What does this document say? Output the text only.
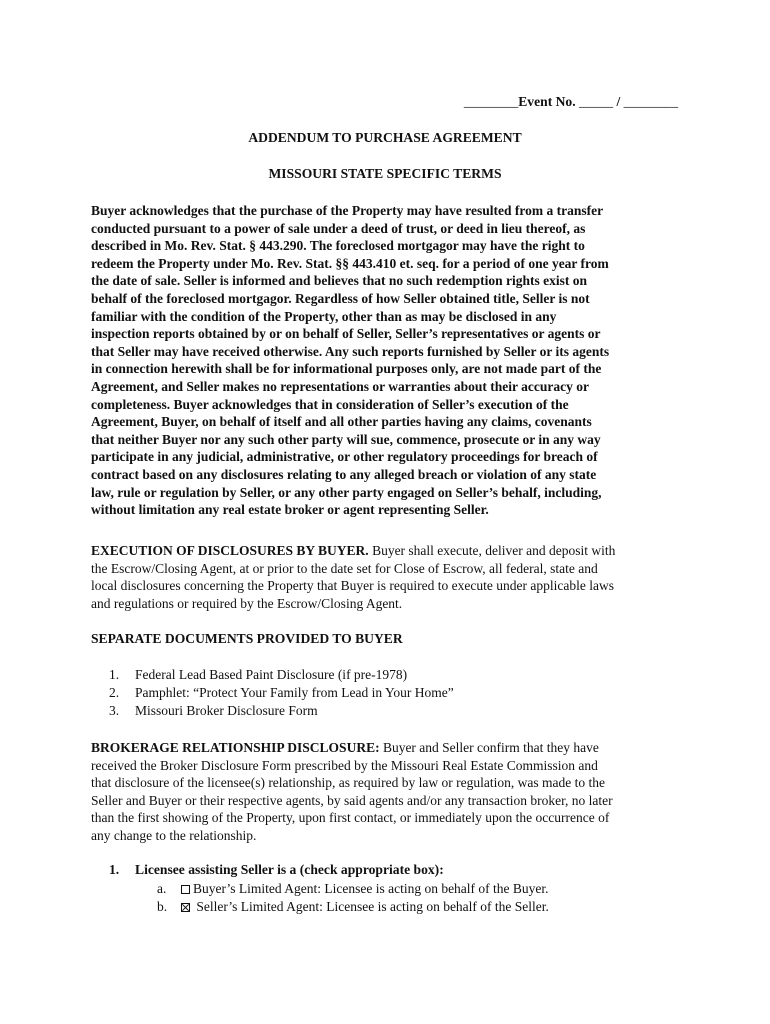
________Event No. _____ / ________
ADDENDUM TO PURCHASE AGREEMENT
MISSOURI STATE SPECIFIC TERMS
Buyer acknowledges that the purchase of the Property may have resulted from a transfer
conducted pursuant to a power of sale under a deed of trust, or deed in lieu thereof, as
described in Mo. Rev. Stat. § 443.290. The foreclosed mortgagor may have the right to
redeem the Property under Mo. Rev. Stat. §§ 443.410 et. seq. for a period of one year from
the date of sale. Seller is informed and believes that no such redemption rights exist on
behalf of the foreclosed mortgagor. Regardless of how Seller obtained title, Seller is not
familiar with the condition of the Property, other than as may be disclosed in any
inspection reports obtained by or on behalf of Seller, Seller’s representatives or agents or
that Seller may have received otherwise. Any such reports furnished by Seller or its agents
in connection herewith shall be for informational purposes only, are not made part of the
Agreement, and Seller makes no representations or warranties about their accuracy or
completeness. Buyer acknowledges that in consideration of Seller’s execution of the
Agreement, Buyer, on behalf of itself and all other parties having any claims, covenants
that neither Buyer nor any such other party will sue, commence, prosecute or in any way
participate in any judicial, administrative, or other regulatory proceedings for breach of
contract based on any disclosures relating to any alleged breach or violation of any state
law, rule or regulation by Seller, or any other party engaged on Seller’s behalf, including,
without limitation any real estate broker or agent representing Seller.
EXECUTION OF DISCLOSURES BY BUYER. Buyer shall execute, deliver and deposit with
the Escrow/Closing Agent, at or prior to the date set for Close of Escrow, all federal, state and
local disclosures concerning the Property that Buyer is required to execute under applicable laws
and regulations or required by the Escrow/Closing Agent.
SEPARATE DOCUMENTS PROVIDED TO BUYER
1. Federal Lead Based Paint Disclosure (if pre-1978)
2. Pamphlet: “Protect Your Family from Lead in Your Home”
3. Missouri Broker Disclosure Form
BROKERAGE RELATIONSHIP DISCLOSURE: Buyer and Seller confirm that they have
received the Broker Disclosure Form prescribed by the Missouri Real Estate Commission and
that disclosure of the licensee(s) relationship, as required by law or regulation, was made to the
Seller and Buyer or their respective agents, by said agents and/or any transaction broker, no later
than the first showing of the Property, upon first contact, or immediately upon the occurrence of
any change to the relationship.
1. Licensee assisting Seller is a (check appropriate box):
a. Buyer’s Limited Agent: Licensee is acting on behalf of the Buyer.
b. Seller’s Limited Agent: Licensee is acting on behalf of the Seller.
